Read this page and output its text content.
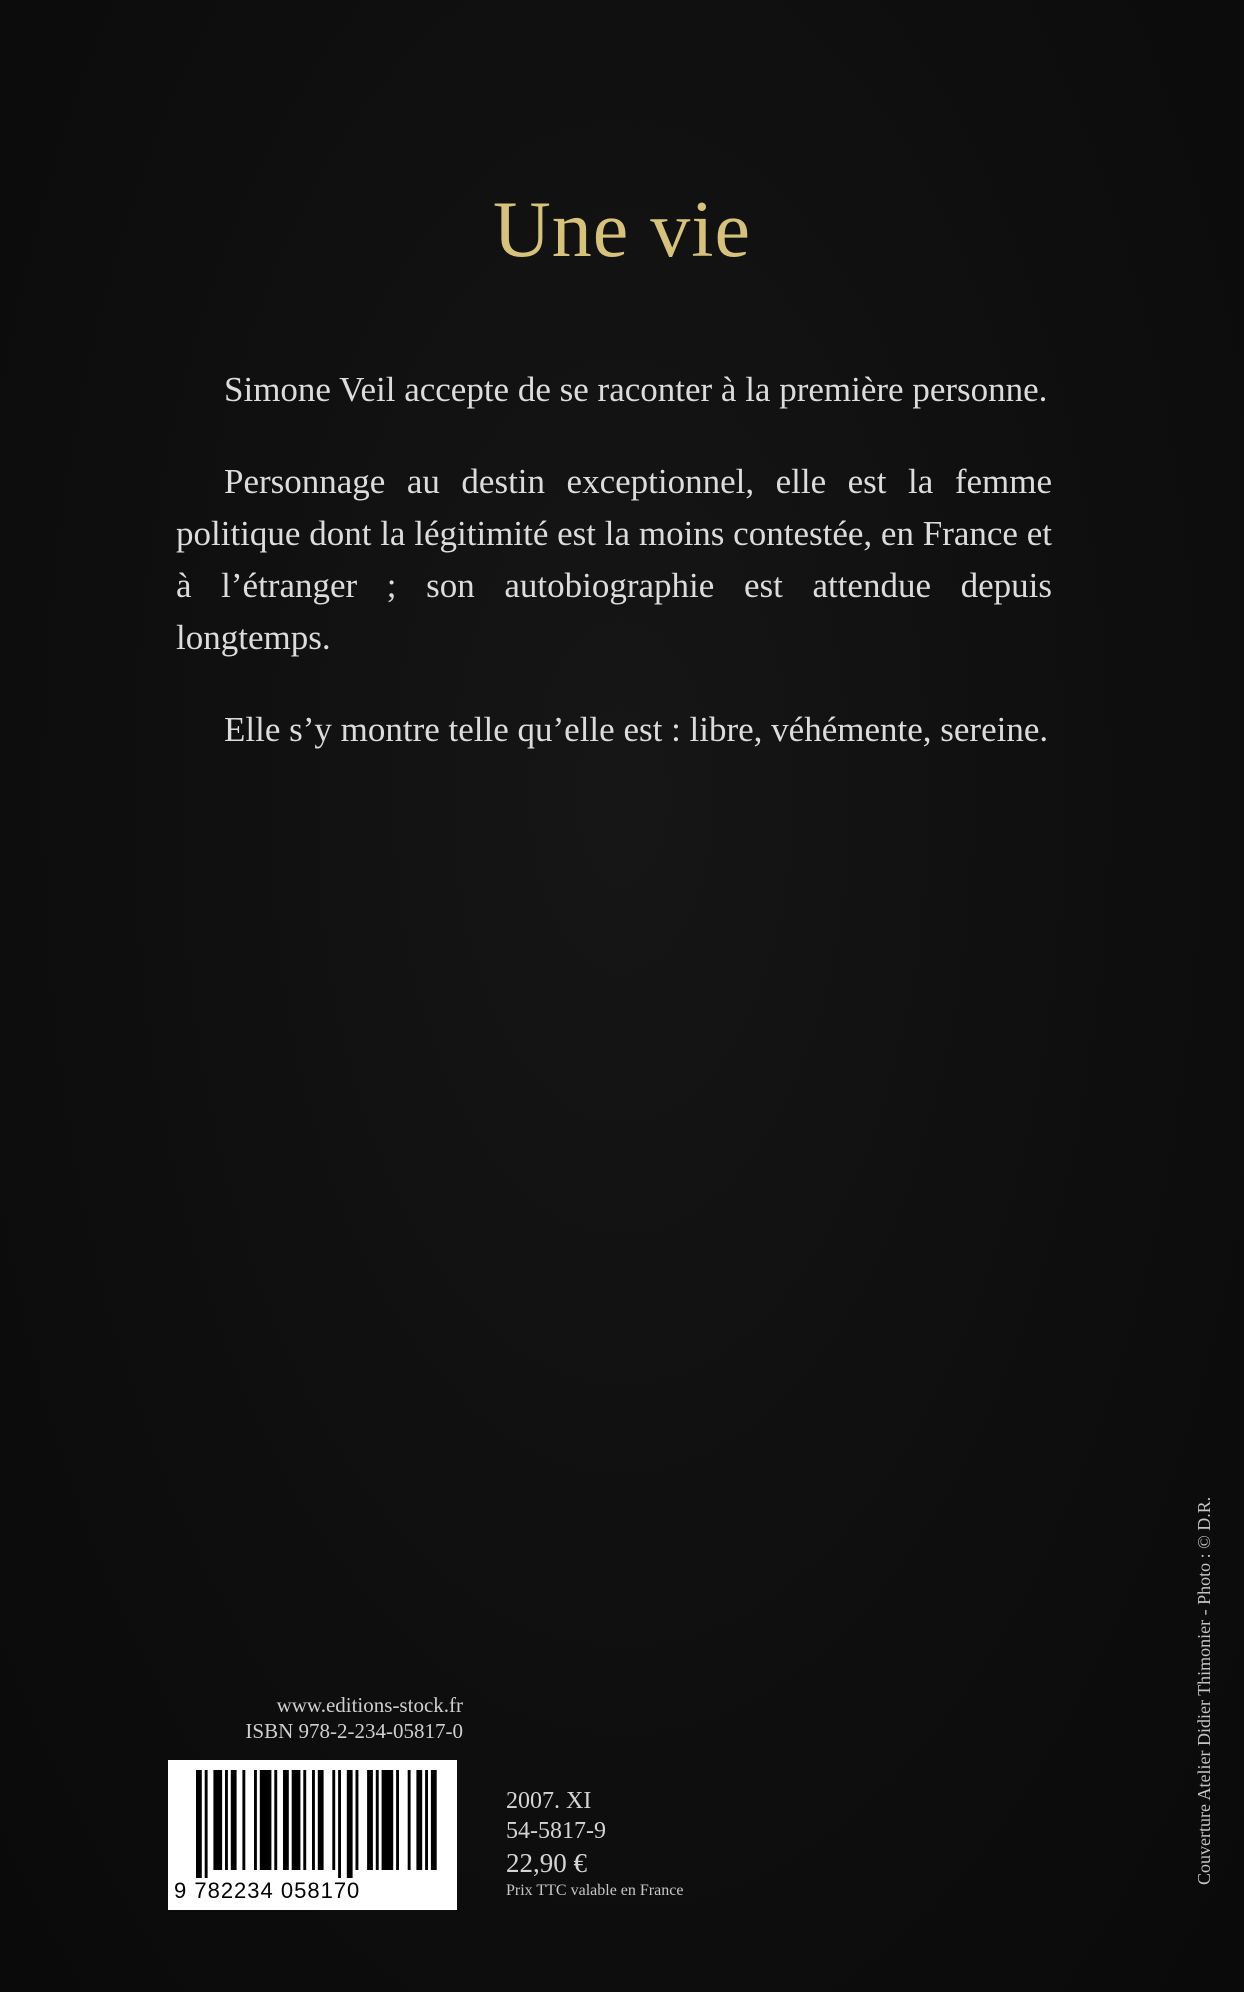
Une vie

Simone Veil accepte de se raconter à la première personne.

Personnage au destin exceptionnel, elle est la femme politique dont la légitimité est la moins contestée, en France et à l’étranger ; son autobiographie est attendue depuis longtemps.

Elle s’y montre telle qu’elle est : libre, véhémente, sereine.

www.editions-stock.fr
ISBN 978-2-234-05817-0
9 782234 058170
2007. XI
54-5817-9
22,90 €
Prix TTC valable en France
Couverture Atelier Didier Thimonier - Photo : © D.R.
